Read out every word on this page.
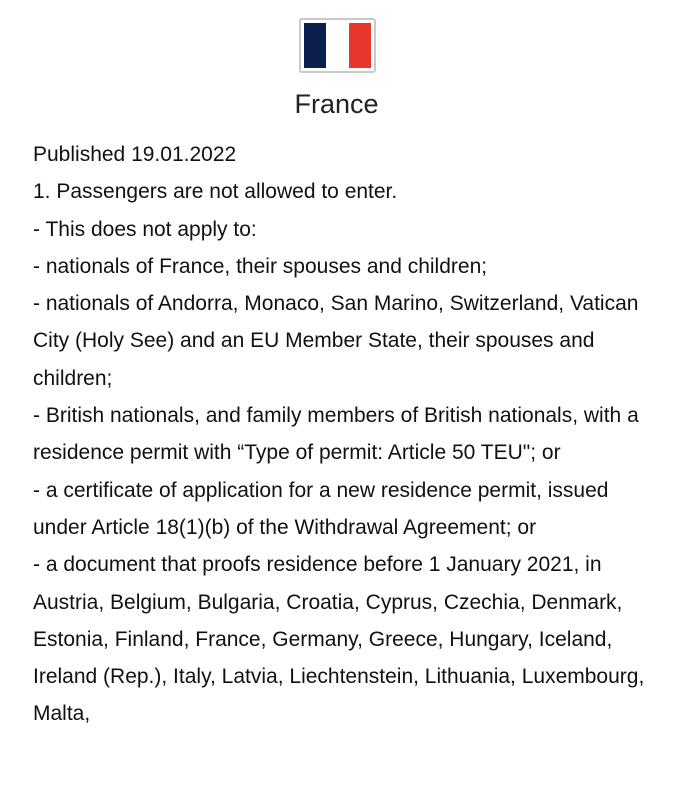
France

Published 19.01.2022

1. Passengers are not allowed to enter.

- This does not apply to:

- nationals of France, their spouses and children;

- nationals of Andorra, Monaco, San Marino, Switzerland, Vatican City (Holy See) and an EU Member State, their spouses and children;

- British nationals, and family members of British nationals, with a residence permit with “Type of permit: Article 50 TEU"; or

- a certificate of application for a new residence permit, issued under Article 18(1)(b) of the Withdrawal Agreement; or

- a document that proofs residence before 1 January 2021, in Austria, Belgium, Bulgaria, Croatia, Cyprus, Czechia, Denmark, Estonia, Finland, France, Germany, Greece, Hungary, Iceland, Ireland (Rep.), Italy, Latvia, Liechtenstein, Lithuania, Luxembourg, Malta,
